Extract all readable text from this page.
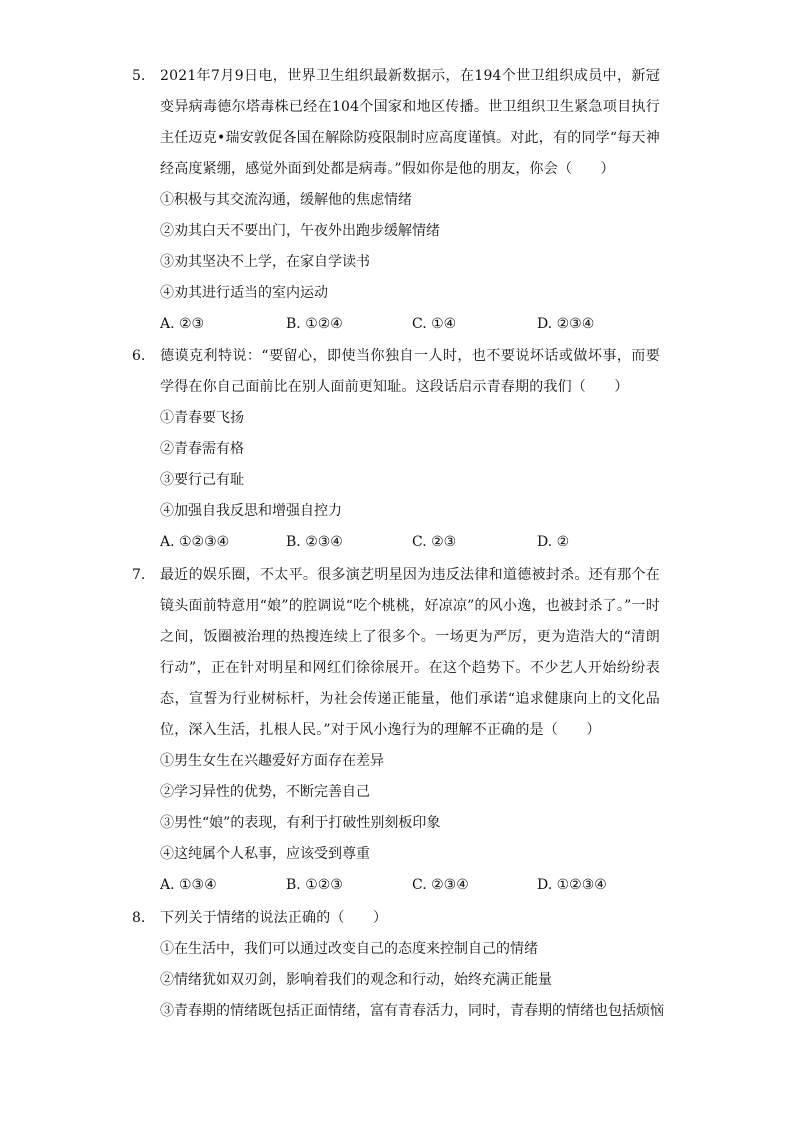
5.	2021年7月9日电，世界卫生组织最新数据示，在194个世卫组织成员中，新冠变异病毒德尔塔毒株已经在104个国家和地区传播。世卫组织卫生紧急项目执行主任迈克•瑞安敦促各国在解除防疫限制时应高度谨慎。对此，有的同学“每天神经高度紧绷，感觉外面到处都是病毒。”假如你是他的朋友，你会（　　）
①积极与其交流沟通，缓解他的焦虑情绪
②劝其白天不要出门，午夜外出跑步缓解情绪
③劝其坚决不上学，在家自学读书
④劝其进行适当的室内运动
A. ②③	B. ①②④	C. ①④	D. ②③④
6.	德谟克利特说：“要留心，即使当你独自一人时，也不要说坏话或做坏事，而要学得在你自己面前比在别人面前更知耻。这段话启示青春期的我们（　　）
①青春要飞扬
②青春需有格
③要行己有耻
④加强自我反思和增强自控力
A. ①②③④	B. ②③④	C. ②③	D. ②
7.	最近的娱乐圈，不太平。很多演艺明星因为违反法律和道德被封杀。还有那个在镜头面前特意用“娘”的腔调说“吃个桃桃，好凉凉”的风小逸，也被封杀了。”一时之间，饭圈被治理的热搜连续上了很多个。一场更为严厉，更为造浩大的“清朗行动”，正在针对明星和网红们徐徐展开。在这个趋势下。不少艺人开始纷纷表态，宣誓为行业树标杆，为社会传递正能量，他们承诺“追求健康向上的文化品位，深入生活，扎根人民。”对于风小逸行为的理解不正确的是（　　）
①男生女生在兴趣爱好方面存在差异
②学习异性的优势，不断完善自己
③男性“娘”的表现，有利于打破性别刻板印象
④这纯属个人私事，应该受到尊重
A. ①③④	B. ①②③	C. ②③④	D. ①②③④
8.	下列关于情绪的说法正确的（　　）
①在生活中，我们可以通过改变自己的态度来控制自己的情绪
②情绪犹如双刃剑，影响着我们的观念和行动，始终充满正能量
③青春期的情绪既包括正面情绪，富有青春活力，同时，青春期的情绪也包括烦恼
